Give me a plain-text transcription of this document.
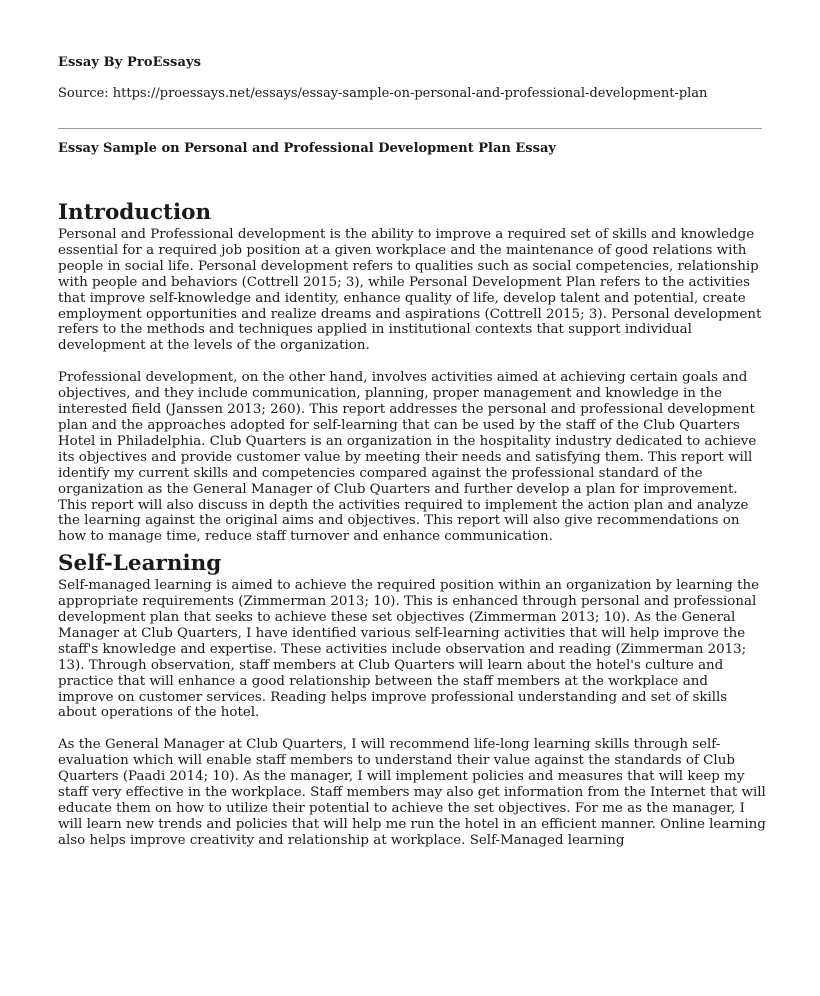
Essay By ProEssays
Source: https://proessays.net/essays/essay-sample-on-personal-and-professional-development-plan
Essay Sample on Personal and Professional Development Plan Essay
Introduction

Personal and Professional development is the ability to improve a required set of skills and knowledge essential for a required job position at a given workplace and the maintenance of good relations with people in social life. Personal development refers to qualities such as social competencies, relationship with people and behaviors (Cottrell 2015; 3), while Personal Development Plan refers to the activities that improve self-knowledge and identity, enhance quality of life, develop talent and potential, create employment opportunities and realize dreams and aspirations (Cottrell 2015; 3). Personal development refers to the methods and techniques applied in institutional contexts that support individual development at the levels of the organization.

Professional development, on the other hand, involves activities aimed at achieving certain goals and objectives, and they include communication, planning, proper management and knowledge in the interested field (Janssen 2013; 260). This report addresses the personal and professional development plan and the approaches adopted for self-learning that can be used by the staff of the Club Quarters Hotel in Philadelphia. Club Quarters is an organization in the hospitality industry dedicated to achieve its objectives and provide customer value by meeting their needs and satisfying them. This report will identify my current skills and competencies compared against the professional standard of the organization as the General Manager of Club Quarters and further develop a plan for improvement. This report will also discuss in depth the activities required to implement the action plan and analyze the learning against the original aims and objectives. This report will also give recommendations on how to manage time, reduce staff turnover and enhance communication.

Self-Learning

Self-managed learning is aimed to achieve the required position within an organization by learning the appropriate requirements (Zimmerman 2013; 10). This is enhanced through personal and professional development plan that seeks to achieve these set objectives (Zimmerman 2013; 10). As the General Manager at Club Quarters, I have identified various self-learning activities that will help improve the staff's knowledge and expertise. These activities include observation and reading (Zimmerman 2013; 13). Through observation, staff members at Club Quarters will learn about the hotel's culture and practice that will enhance a good relationship between the staff members at the workplace and improve on customer services. Reading helps improve professional understanding and set of skills about operations of the hotel.

As the General Manager at Club Quarters, I will recommend life-long learning skills through self-evaluation which will enable staff members to understand their value against the standards of Club Quarters (Paadi 2014; 10). As the manager, I will implement policies and measures that will keep my staff very effective in the workplace. Staff members may also get information from the Internet that will educate them on how to utilize their potential to achieve the set objectives. For me as the manager, I will learn new trends and policies that will help me run the hotel in an efficient manner. Online learning also helps improve creativity and relationship at workplace. Self-Managed learning
